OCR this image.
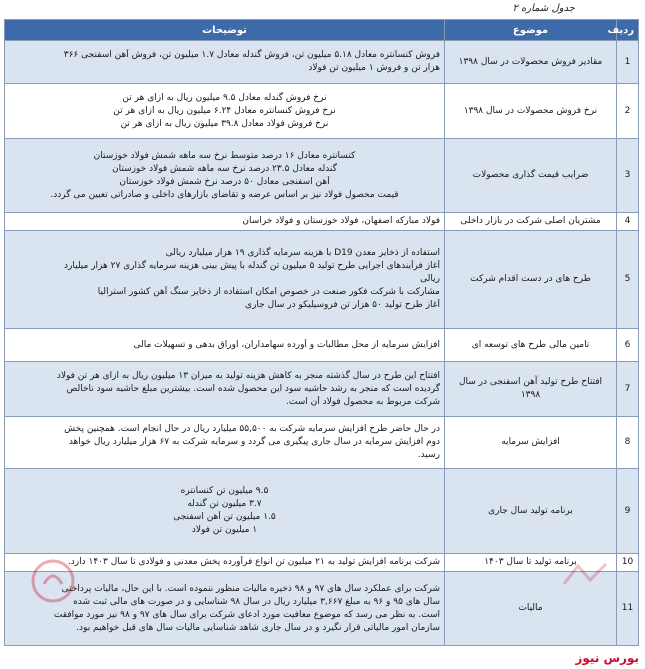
جدول شماره ۲
ردیف	موضوع	توضیحات
1	مقادیر فروش محصولات در سال ۱۳۹۸	فروش کنسانتره معادل ۵.۱۸ میلیون تن، فروش گندله معادل ۱.۷ میلیون تن، فروش آهن اسفنجی ۳۶۶
هزار تن و فروش ۱ میلیون تن فولاد

2	نرخ فروش محصولات در سال ۱۳۹۸	نرخ فروش گندله معادل ۹.۵ میلیون ریال به ازای هر تن
نرخ فروش کنسانتره معادل ۶.۲۴ میلیون ریال به ازای هر تن
نرخ فروش فولاد معادل ۳۹.۸ میلیون ریال به ازای هر تن

3	ضرایب قیمت گذاری محصولات	کنسانتره معادل ۱۶ درصد متوسط نرخ سه ماهه شمش فولاد خوزستان
گندله معادل ۲۳.۵ درصد نرخ سه ماهه شمش فولاد خوزستان
آهن اسفنجی معادل ۵۰ درصد نرخ شمش فولاد خوزستان
قیمت محصول فولاد نیز بر اساس عرضه و تقاضای بازارهای داخلی و صادراتی تعیین می گردد.

4	مشتریان اصلی شرکت در بازار داخلی	فولاد مبارکه اصفهان، فولاد خوزستان و فولاد خراسان

5	طرح های در دست اقدام شرکت	استفاده از ذخایر معدن D19 با هزینه سرمایه گذاری ۱۹ هزار میلیارد ریالی
آغاز فرآیندهای اجرایی طرح تولید ۵ میلیون تن گندله با پیش بینی هزینه سرمایه گذاری ۲۷ هزار میلیارد
ریالی
مشارکت با شرکت فکور صنعت در خصوص امکان استفاده از ذخایر سنگ آهن کشور استرالیا
آغاز طرح تولید ۵۰ هزار تن فروسیلیکو در سال جاری

6	تامین مالی طرح های توسعه ای	افزایش سرمایه از محل مطالبات و آورده سهامداران، اوراق بدهی و تسهیلات مالی

7	افتتاح طرح تولید آهن اسفنجی در سال ۱۳۹۸	افتتاح این طرح در سال گذشته منجر به کاهش هزینه تولید به میزان ۱۳ میلیون ریال به ازای هر تن فولاد
گردیده است که منجر به رشد حاشیه سود این محصول شده است. بیشترین مبلغ حاشیه سود ناخالص
شرکت مربوط به محصول فولاد آن است.

8	افزایش سرمایه	در حال حاضر طرح افزایش سرمایه شرکت به ۵۵,۵۰۰ میلیارد ریال در حال انجام است. همچنین پخش
دوم افزایش سرمایه در سال جاری پیگیری می گردد و سرمایه شرکت به ۶۷ هزار میلیارد ریال خواهد
رسید.

9	برنامه تولید سال جاری	۹.۵ میلیون تن کنسانتره
۳.۷ میلیون تن گندله
۱.۵ میلیون تن آهن اسفنجی
۱ میلیون تن فولاد

10	برنامه تولید تا سال ۱۴۰۳	شرکت برنامه افزایش تولید به ۲۱ میلیون تن انواع فرآورده پخش معدنی و فولادی تا سال ۱۴۰۳ دارد.

11	مالیات	شرکت برای عملکرد سال های ۹۷ و ۹۸ ذخیره مالیات منظور ننموده است. با این حال، مالیات پرداختی
سال های ۹۵ و ۹۶ به مبلغ ۳,۶۶۷ میلیارد ریال در سال ۹۸ شناسایی و در صورت های مالی ثبت شده
است. به نظر می رسد که موضوع معافیت مورد ادعای شرکت برای سال های ۹۷ و ۹۸ نیز مورد موافقت
سازمان امور مالیاتی قرار نگیرد و در سال جاری شاهد شناسایی مالیات سال های قبل خواهیم بود.
بورس نیوز
